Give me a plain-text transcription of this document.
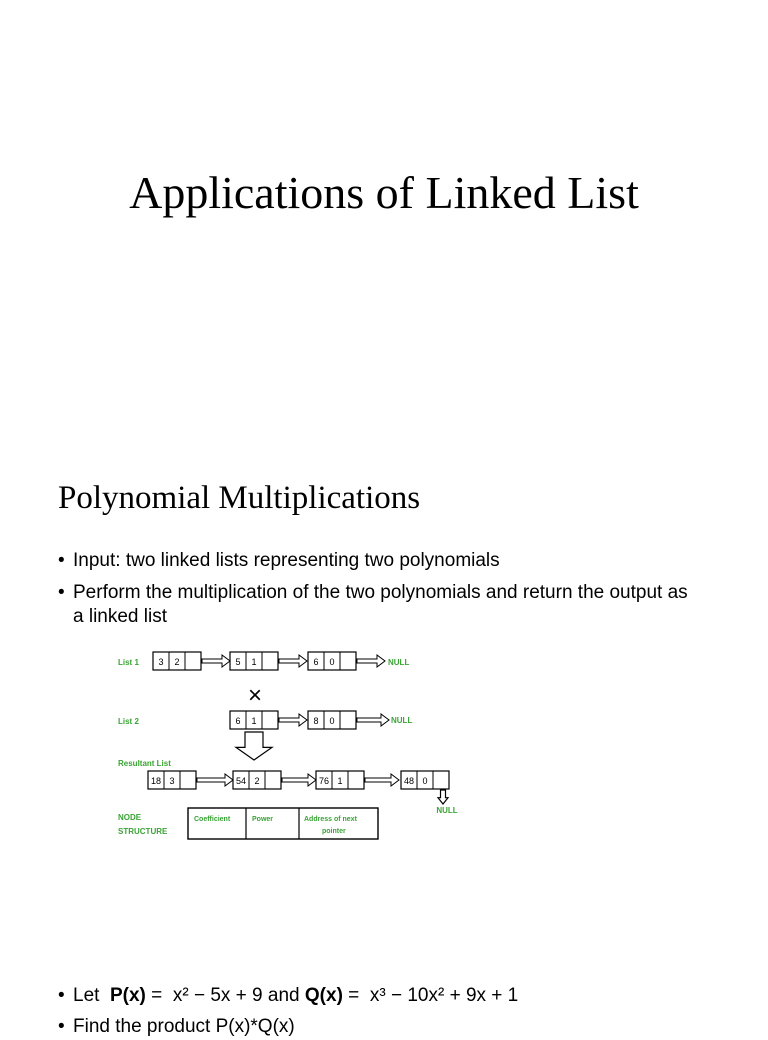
Applications of Linked List
Polynomial Multiplications
• Input: two linked lists representing two polynomials
• Perform the multiplication of the two polynomials and return the output as a linked list
List 1 3 2	5 1	6 0	NULL
×
List 2	6 1	8 0	NULL
Resultant List
18 3	54 2	76 1	48 0
NULL
NODE
STRUCTURE
Coefficient	Power	Address of next
pointer
• Let P(x) = x² − 5x + 9 and Q(x) = x³ − 10x² + 9x + 1
• Find the product P(x)*Q(x)
